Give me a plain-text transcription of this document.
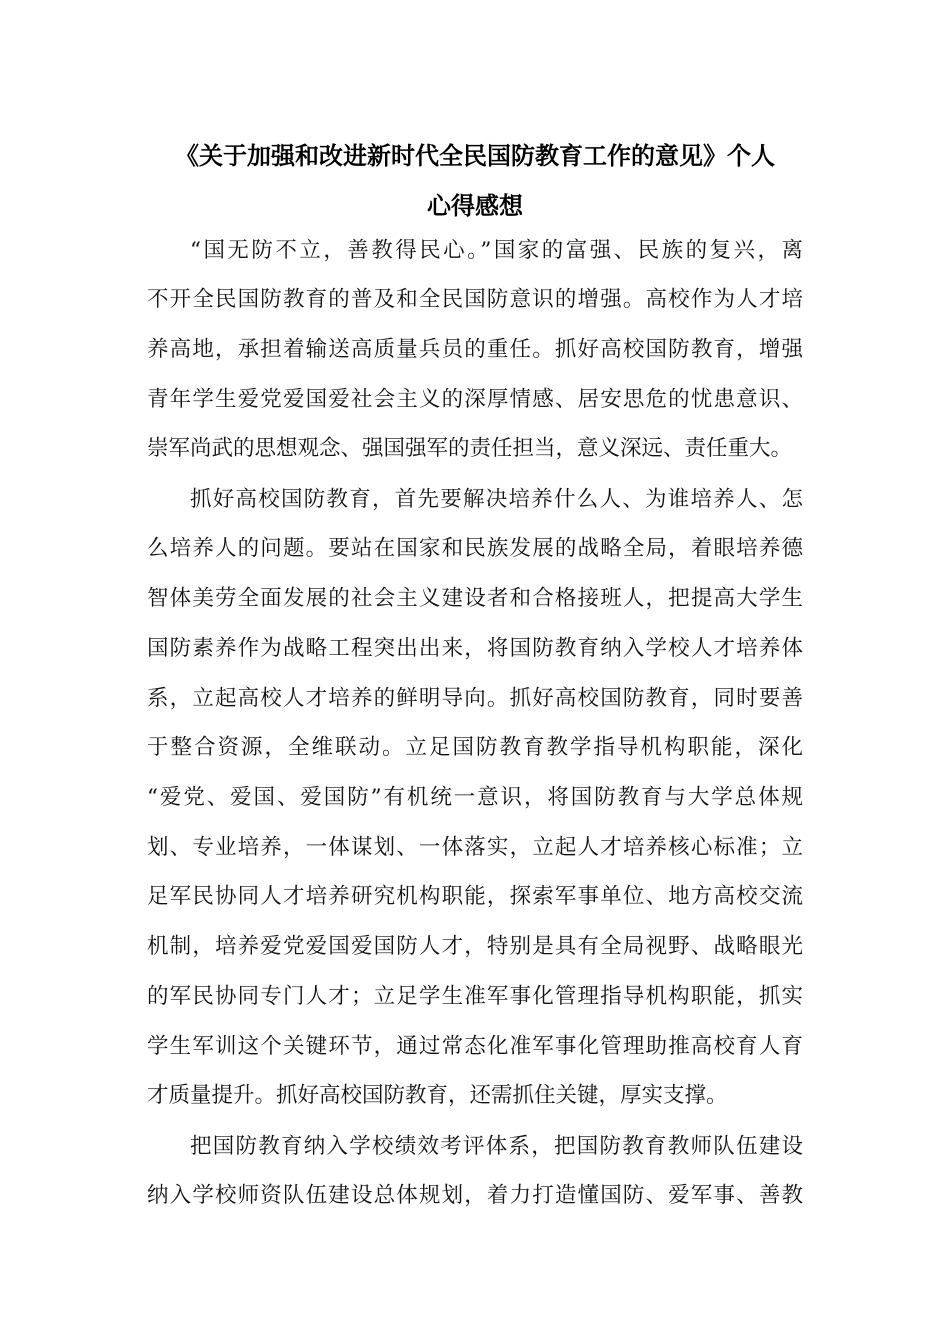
《关于加强和改进新时代全民国防教育工作的意见》个人
心得感想

“国无防不立，善教得民心。”国家的富强、民族的复兴，离

不开全民国防教育的普及和全民国防意识的增强。高校作为人才培

养高地，承担着输送高质量兵员的重任。抓好高校国防教育，增强

青年学生爱党爱国爱社会主义的深厚情感、居安思危的忧患意识、

崇军尚武的思想观念、强国强军的责任担当，意义深远、责任重大。

抓好高校国防教育，首先要解决培养什么人、为谁培养人、怎

么培养人的问题。要站在国家和民族发展的战略全局，着眼培养德

智体美劳全面发展的社会主义建设者和合格接班人，把提高大学生

国防素养作为战略工程突出出来，将国防教育纳入学校人才培养体

系，立起高校人才培养的鲜明导向。抓好高校国防教育，同时要善

于整合资源，全维联动。立足国防教育教学指导机构职能，深化

“爱党、爱国、爱国防”有机统一意识，将国防教育与大学总体规

划、专业培养，一体谋划、一体落实，立起人才培养核心标准；立

足军民协同人才培养研究机构职能，探索军事单位、地方高校交流

机制，培养爱党爱国爱国防人才，特别是具有全局视野、战略眼光

的军民协同专门人才；立足学生准军事化管理指导机构职能，抓实

学生军训这个关键环节，通过常态化准军事化管理助推高校育人育

才质量提升。抓好高校国防教育，还需抓住关键，厚实支撑。

把国防教育纳入学校绩效考评体系，把国防教育教师队伍建设

纳入学校师资队伍建设总体规划，着力打造懂国防、爱军事、善教
